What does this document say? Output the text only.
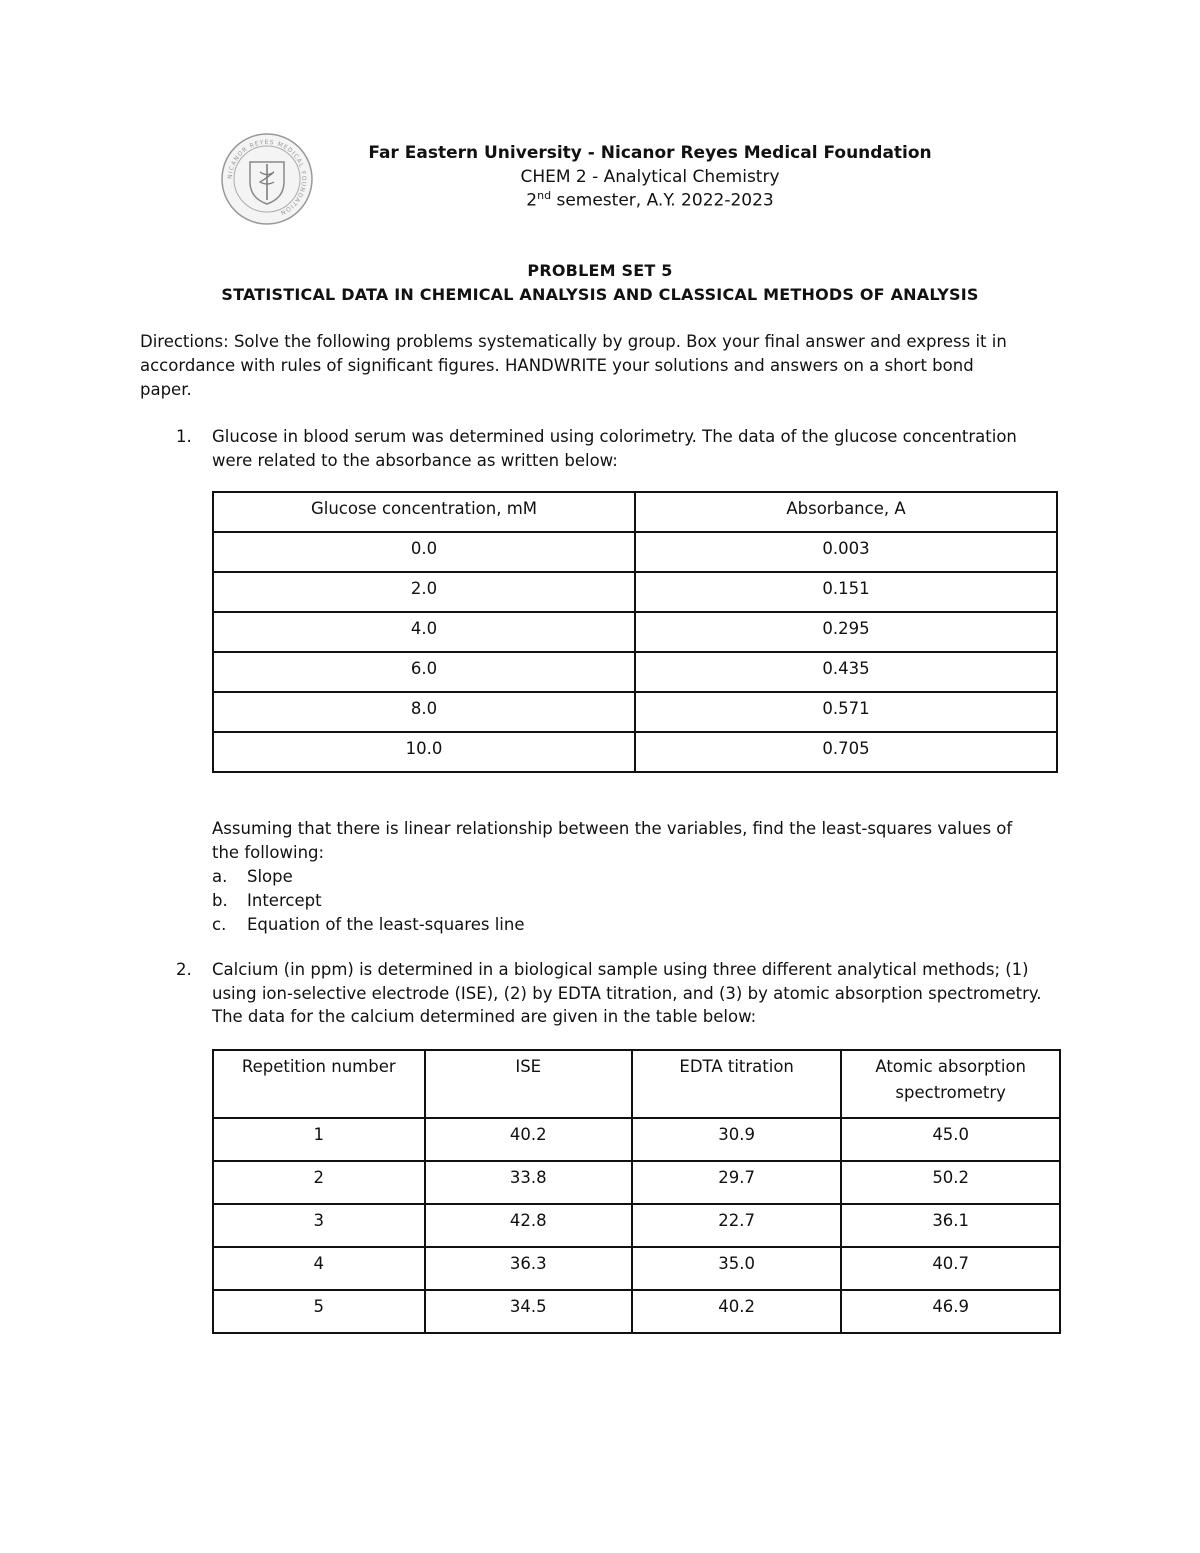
NICANOR REYES MEDICAL FOUNDATION
Far Eastern University - Nicanor Reyes Medical Foundation
CHEM 2 - Analytical Chemistry
2nd semester, A.Y. 2022-2023
PROBLEM SET 5
STATISTICAL DATA IN CHEMICAL ANALYSIS AND CLASSICAL METHODS OF ANALYSIS
Directions: Solve the following problems systematically by group. Box your final answer and express it in
accordance with rules of significant figures. HANDWRITE your solutions and answers on a short bond
paper.
1. Glucose in blood serum was determined using colorimetry. The data of the glucose concentration
were related to the absorbance as written below:
Glucose concentration, mM	Absorbance, A
0.0	0.003
2.0	0.151
4.0	0.295
6.0	0.435
8.0	0.571
10.0	0.705
Assuming that there is linear relationship between the variables, find the least-squares values of
the following:
a.	Slope
b.	Intercept
c.	Equation of the least-squares line
2. Calcium (in ppm) is determined in a biological sample using three different analytical methods; (1)
using ion-selective electrode (ISE), (2) by EDTA titration, and (3) by atomic absorption spectrometry.
The data for the calcium determined are given in the table below:
Repetition number	ISE	EDTA titration	Atomic absorption
spectrometry

1	40.2	30.9	45.0
2	33.8	29.7	50.2
3	42.8	22.7	36.1
4	36.3	35.0	40.7
5	34.5	40.2	46.9
